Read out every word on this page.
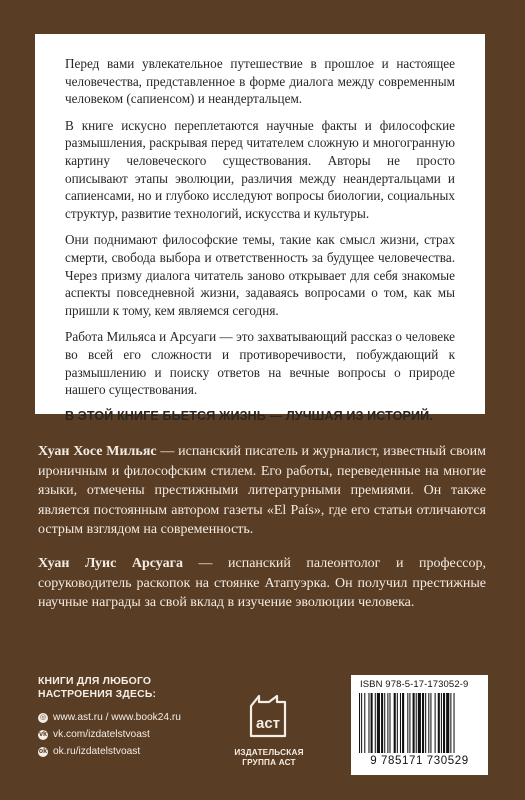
Перед вами увлекательное путешествие в прошлое и настоящее человечества, представленное в форме диалога между современным человеком (сапиенсом) и неандертальцем.

В книге искусно переплетаются научные факты и философские размышления, раскрывая перед читателем сложную и многогранную картину человеческого существования. Авторы не просто описывают этапы эволюции, различия между неандертальцами и сапиенсами, но и глубоко исследуют вопросы биологии, социальных структур, развитие технологий, искусства и культуры.

Они поднимают философские темы, такие как смысл жизни, страх смерти, свобода выбора и ответственность за будущее человечества. Через призму диалога читатель заново открывает для себя знакомые аспекты повседневной жизни, задаваясь вопросами о том, как мы пришли к тому, кем являемся сегодня.

Работа Мильяса и Арсуаги — это захватывающий рассказ о человеке во всей его сложности и противоречивости, побуждающий к размышлению и поиску ответов на вечные вопросы о природе нашего существования.

В ЭТОЙ КНИГЕ БЬЕТСЯ ЖИЗНЬ — ЛУЧШАЯ ИЗ ИСТОРИЙ.

Хуан Хосе Мильяс — испанский писатель и журналист, известный своим ироничным и философским стилем. Его работы, переведенные на многие языки, отмечены престижными литературными премиями. Он также является постоянным автором газеты «El País», где его статьи отличаются острым взглядом на современность.

Хуан Луис Арсуага — испанский палеонтолог и профессор, соруководитель раскопок на стоянке Атапуэрка. Он получил престижные научные награды за свой вклад в изучение эволюции человека.

КНИГИ ДЛЯ ЛЮБОГО НАСТРОЕНИЯ ЗДЕСЬ:
◎ www.ast.ru / www.book24.ru
vk vk.com/izdatelstvoast
ok ok.ru/izdatelstvoast
аст
ИЗДАТЕЛЬСКАЯ
ГРУППА АСТ
ISBN 978-5-17-173052-9
9 785171 730529
